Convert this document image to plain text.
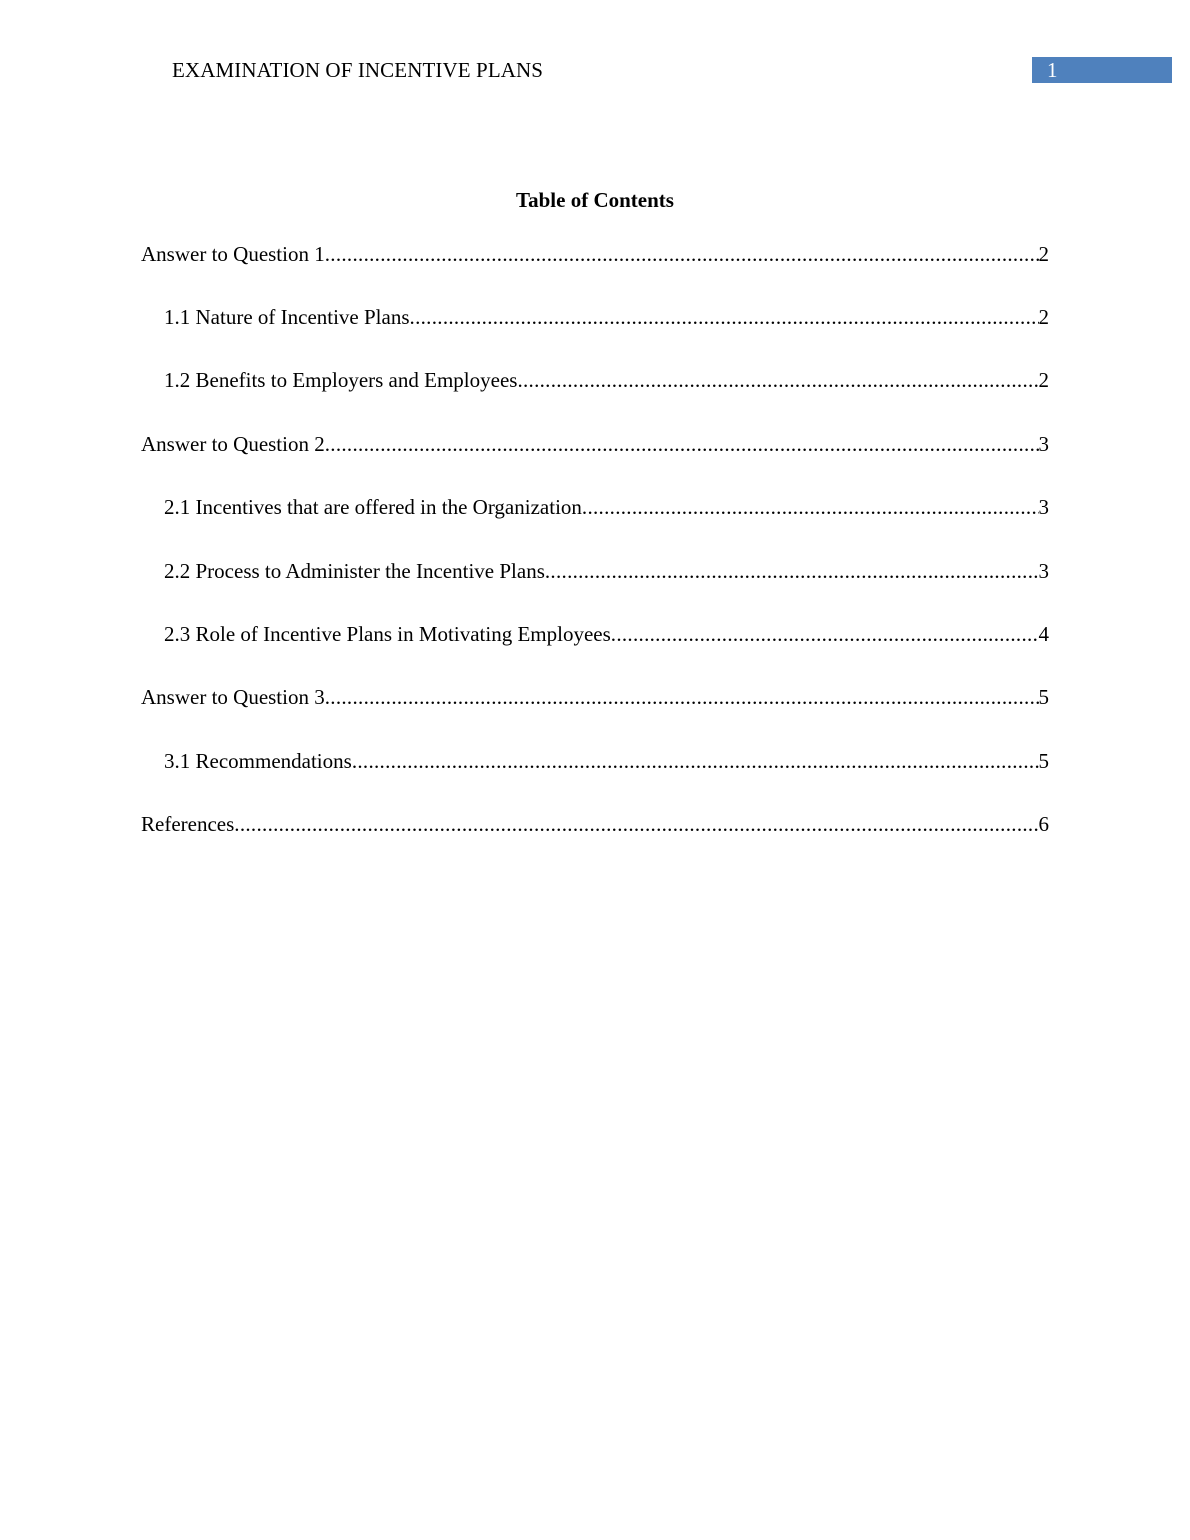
EXAMINATION OF INCENTIVE PLANS	1
Table of Contents
Answer to Question 1 .....	2
1.1 Nature of Incentive Plans .....	2
1.2 Benefits to Employers and Employees .....	2
Answer to Question 2 .....	3
2.1 Incentives that are offered in the Organization .....	3
2.2 Process to Administer the Incentive Plans .....	3
2.3 Role of Incentive Plans in Motivating Employees .....	4
Answer to Question 3 .....	5
3.1 Recommendations .....	5
References .....	6
